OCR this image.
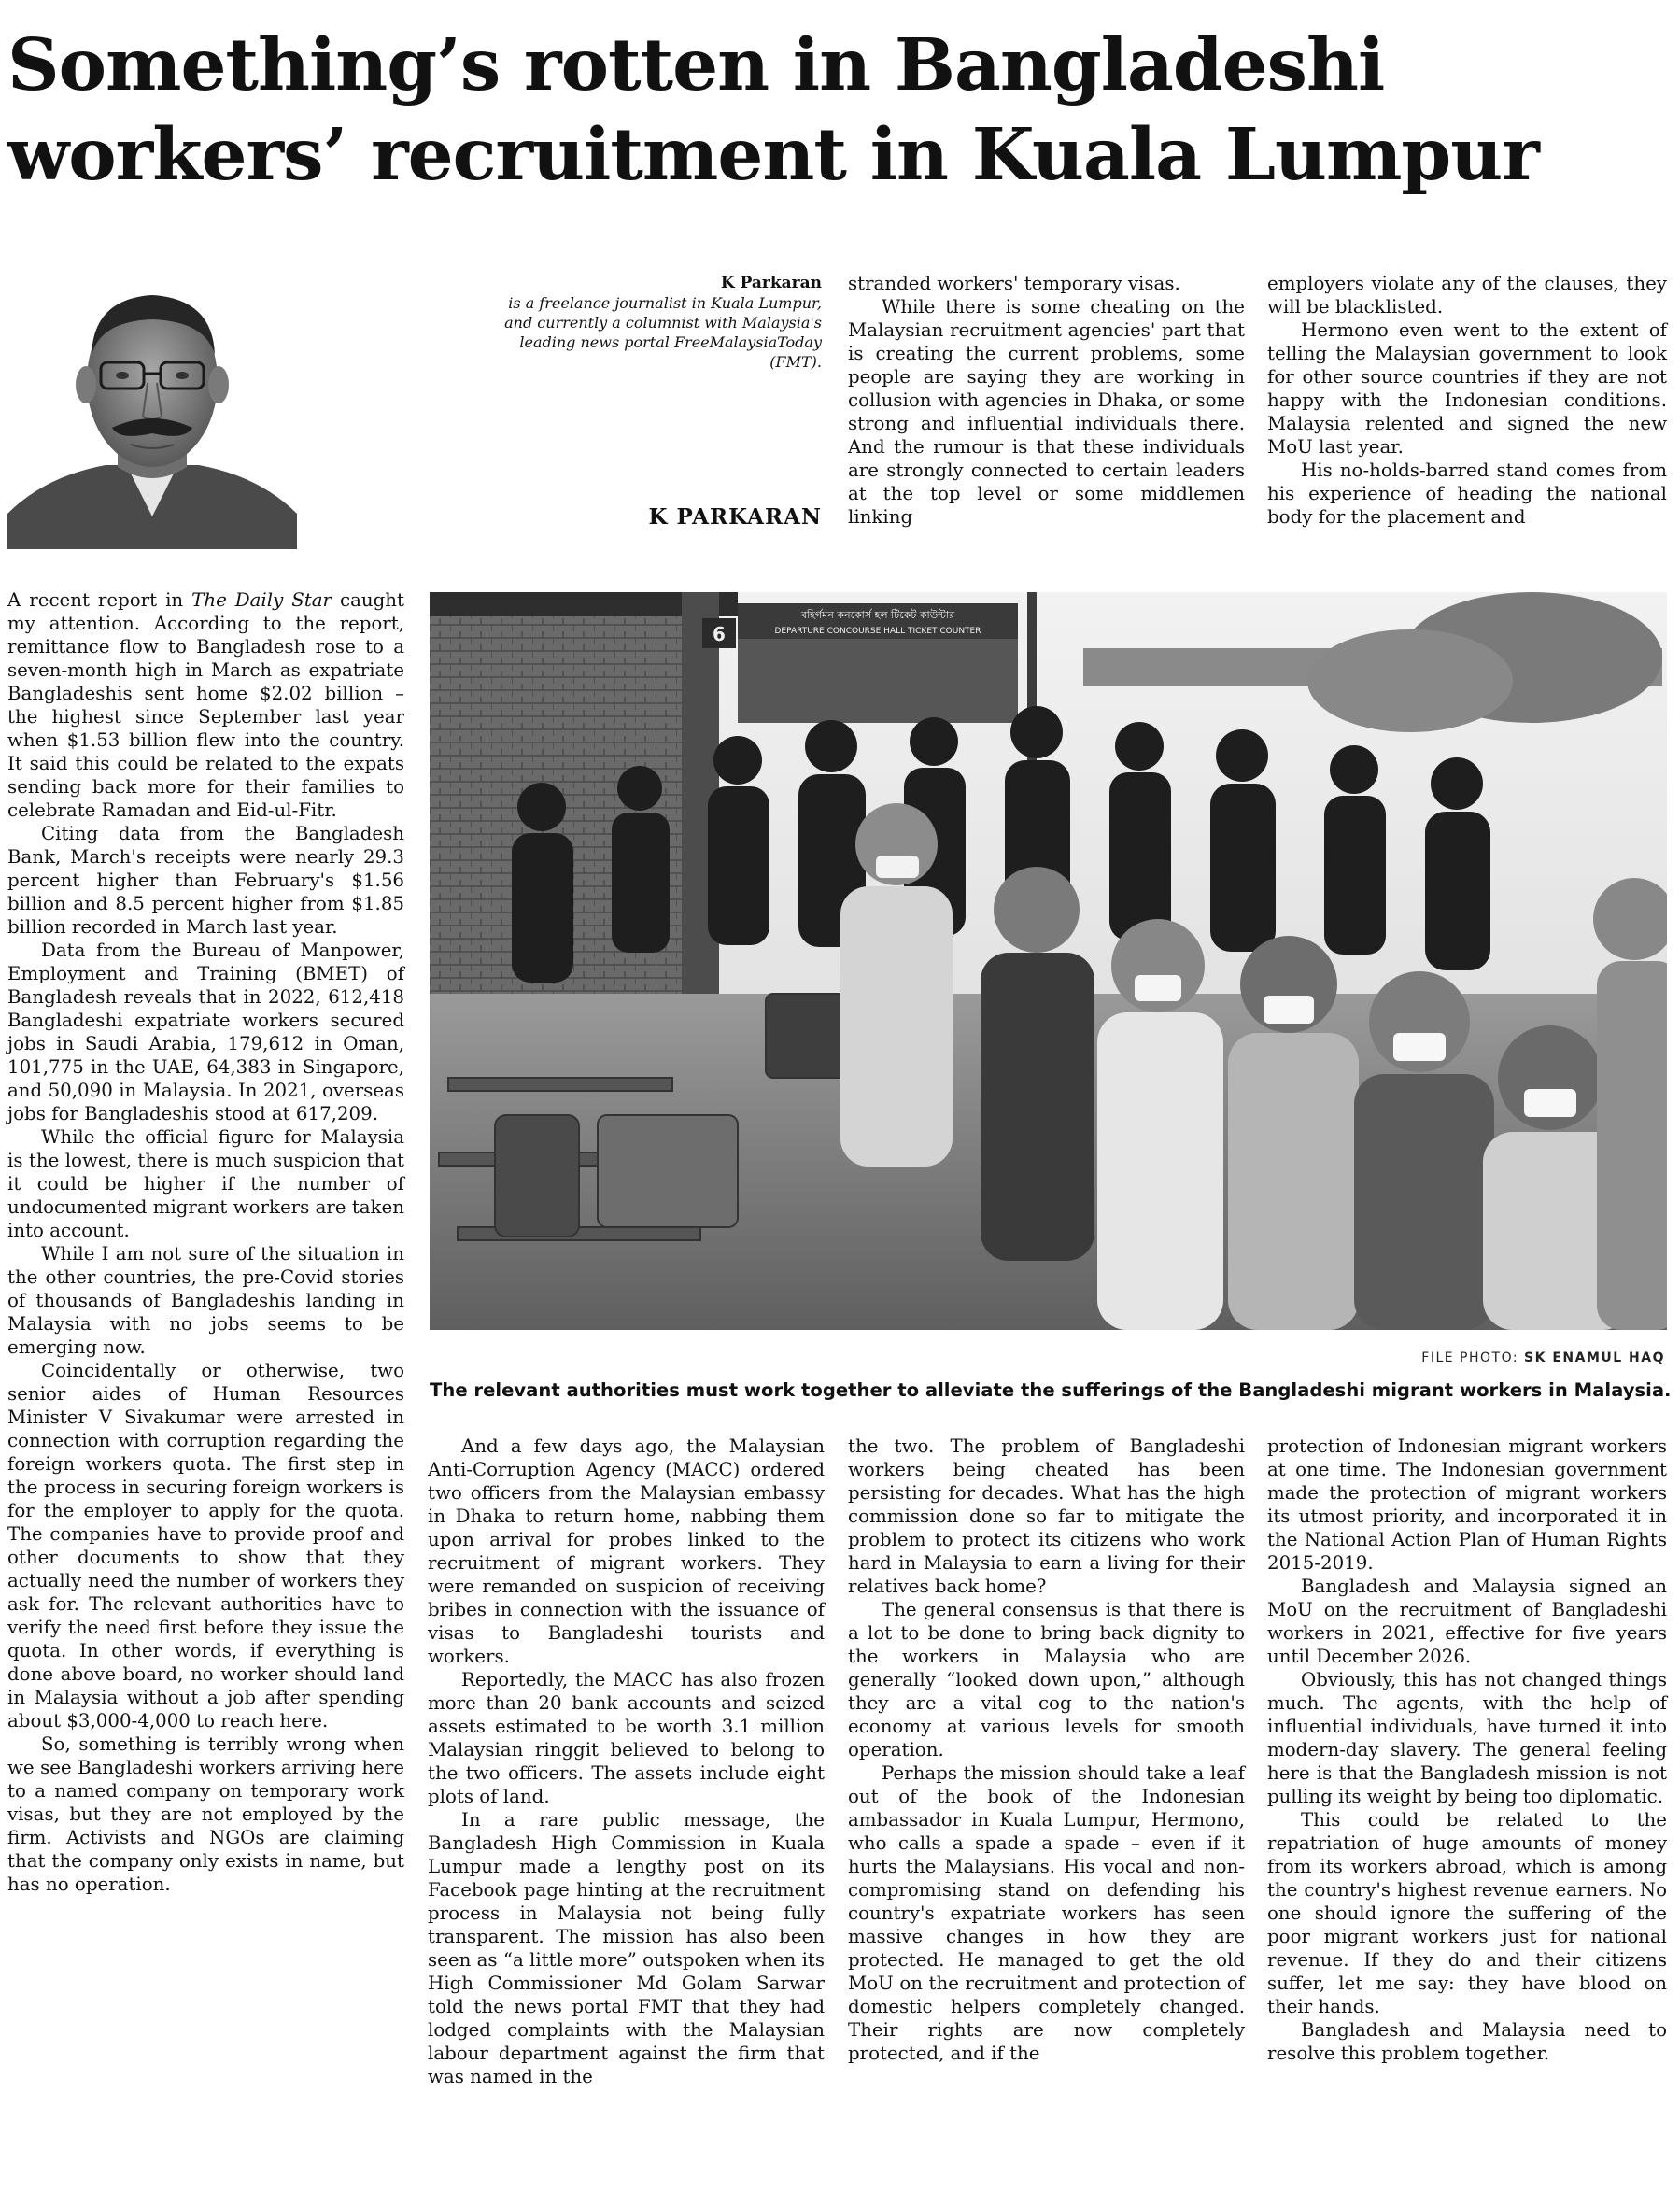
Something’s rotten in Bangladeshi
workers’ recruitment in Kuala Lumpur
K Parkaran
is a freelance journalist in Kuala Lumpur, and currently a columnist with Malaysia's leading news portal FreeMalaysiaToday (FMT).
K PARKARAN

A recent report in The Daily Star caught my attention. According to the report, remittance flow to Bangladesh rose to a seven-month high in March as expatriate Bangladeshis sent home $2.02 billion – the highest since September last year when $1.53 billion flew into the country. It said this could be related to the expats sending back more for their families to celebrate Ramadan and Eid-ul-Fitr.

Citing data from the Bangladesh Bank, March's receipts were nearly 29.3 percent higher than February's $1.56 billion and 8.5 percent higher from $1.85 billion recorded in March last year.

Data from the Bureau of Manpower, Employment and Training (BMET) of Bangladesh reveals that in 2022, 612,418 Bangladeshi expatriate workers secured jobs in Saudi Arabia, 179,612 in Oman, 101,775 in the UAE, 64,383 in Singapore, and 50,090 in Malaysia. In 2021, overseas jobs for Bangladeshis stood at 617,209.

While the official figure for Malaysia is the lowest, there is much suspicion that it could be higher if the number of undocumented migrant workers are taken into account.

While I am not sure of the situation in the other countries, the pre-Covid stories of thousands of Bangladeshis landing in Malaysia with no jobs seems to be emerging now.

Coincidentally or otherwise, two senior aides of Human Resources Minister V Sivakumar were arrested in connection with corruption regarding the foreign workers quota. The first step in the process in securing foreign workers is for the employer to apply for the quota. The companies have to provide proof and other documents to show that they actually need the number of workers they ask for. The relevant authorities have to verify the need first before they issue the quota. In other words, if everything is done above board, no worker should land in Malaysia without a job after spending about $3,000-4,000 to reach here.

So, something is terribly wrong when we see Bangladeshi workers arriving here to a named company on temporary work visas, but they are not employed by the firm. Activists and NGOs are claiming that the company only exists in name, but has no operation.

stranded workers' temporary visas.

While there is some cheating on the Malaysian recruitment agencies' part that is creating the current problems, some people are saying they are working in collusion with agencies in Dhaka, or some strong and influential individuals there. And the rumour is that these individuals are strongly connected to certain leaders at the top level or some middlemen linking

employers violate any of the clauses, they will be blacklisted.

Hermono even went to the extent of telling the Malaysian government to look for other source countries if they are not happy with the Indonesian conditions. Malaysia relented and signed the new MoU last year.

His no-holds-barred stand comes from his experience of heading the national body for the placement and

6
বহির্গমন কনকোর্স হল টিকেট কাউন্টার
DEPARTURE CONCOURSE HALL TICKET COUNTER
FILE PHOTO: SK ENAMUL HAQ
The relevant authorities must work together to alleviate the sufferings of the Bangladeshi migrant workers in Malaysia.

And a few days ago, the Malaysian Anti-Corruption Agency (MACC) ordered two officers from the Malaysian embassy in Dhaka to return home, nabbing them upon arrival for probes linked to the recruitment of migrant workers. They were remanded on suspicion of receiving bribes in connection with the issuance of visas to Bangladeshi tourists and workers.

Reportedly, the MACC has also frozen more than 20 bank accounts and seized assets estimated to be worth 3.1 million Malaysian ringgit believed to belong to the two officers. The assets include eight plots of land.

In a rare public message, the Bangladesh High Commission in Kuala Lumpur made a lengthy post on its Facebook page hinting at the recruitment process in Malaysia not being fully transparent. The mission has also been seen as “a little more” outspoken when its High Commissioner Md Golam Sarwar told the news portal FMT that they had lodged complaints with the Malaysian labour department against the firm that was named in the

the two. The problem of Bangladeshi workers being cheated has been persisting for decades. What has the high commission done so far to mitigate the problem to protect its citizens who work hard in Malaysia to earn a living for their relatives back home?

The general consensus is that there is a lot to be done to bring back dignity to the workers in Malaysia who are generally “looked down upon,” although they are a vital cog to the nation's economy at various levels for smooth operation.

Perhaps the mission should take a leaf out of the book of the Indonesian ambassador in Kuala Lumpur, Hermono, who calls a spade a spade – even if it hurts the Malaysians. His vocal and non-compromising stand on defending his country's expatriate workers has seen massive changes in how they are protected. He managed to get the old MoU on the recruitment and protection of domestic helpers completely changed. Their rights are now completely protected, and if the

protection of Indonesian migrant workers at one time. The Indonesian government made the protection of migrant workers its utmost priority, and incorporated it in the National Action Plan of Human Rights 2015-2019.

Bangladesh and Malaysia signed an MoU on the recruitment of Bangladeshi workers in 2021, effective for five years until December 2026.

Obviously, this has not changed things much. The agents, with the help of influential individuals, have turned it into modern-day slavery. The general feeling here is that the Bangladesh mission is not pulling its weight by being too diplomatic.

This could be related to the repatriation of huge amounts of money from its workers abroad, which is among the country's highest revenue earners. No one should ignore the suffering of the poor migrant workers just for national revenue. If they do and their citizens suffer, let me say: they have blood on their hands.

Bangladesh and Malaysia need to resolve this problem together.
